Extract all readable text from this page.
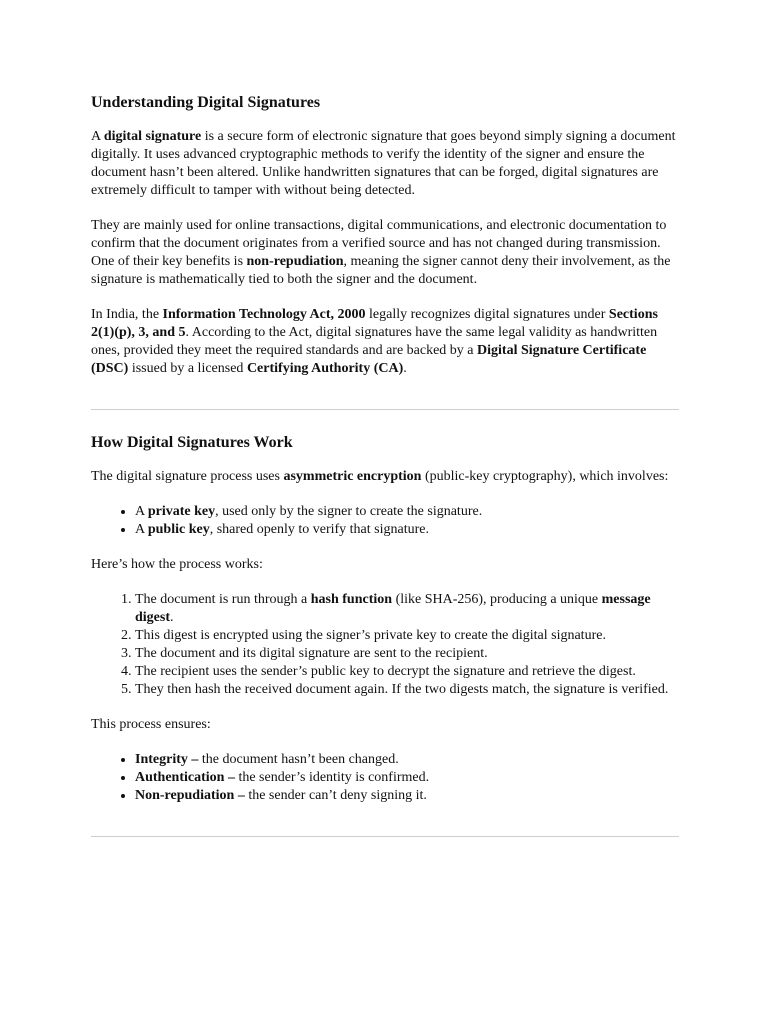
Understanding Digital Signatures

A digital signature is a secure form of electronic signature that goes beyond simply signing a document digitally. It uses advanced cryptographic methods to verify the identity of the signer and ensure the document hasn’t been altered. Unlike handwritten signatures that can be forged, digital signatures are extremely difficult to tamper with without being detected.

They are mainly used for online transactions, digital communications, and electronic documentation to confirm that the document originates from a verified source and has not changed during transmission. One of their key benefits is non-repudiation, meaning the signer cannot deny their involvement, as the signature is mathematically tied to both the signer and the document.

In India, the Information Technology Act, 2000 legally recognizes digital signatures under Sections 2(1)(p), 3, and 5. According to the Act, digital signatures have the same legal validity as handwritten ones, provided they meet the required standards and are backed by a Digital Signature Certificate (DSC) issued by a licensed Certifying Authority (CA).

How Digital Signatures Work

The digital signature process uses asymmetric encryption (public-key cryptography), which involves:

• A private key, used only by the signer to create the signature.
• A public key, shared openly to verify that signature.

Here’s how the process works:

1. The document is run through a hash function (like SHA-256), producing a unique message digest.
2. This digest is encrypted using the signer’s private key to create the digital signature.
3. The document and its digital signature are sent to the recipient.
4. The recipient uses the sender’s public key to decrypt the signature and retrieve the digest.
5. They then hash the received document again. If the two digests match, the signature is verified.

This process ensures:

• Integrity – the document hasn’t been changed.
• Authentication – the sender’s identity is confirmed.
• Non-repudiation – the sender can’t deny signing it.
